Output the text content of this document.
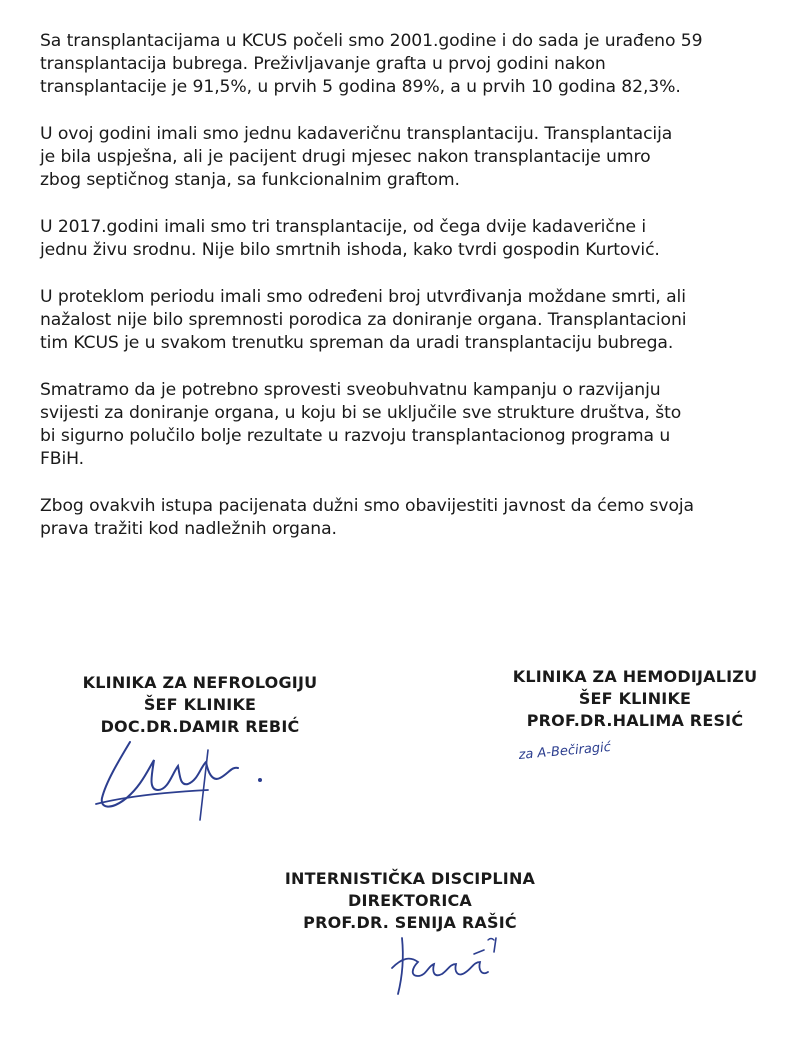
Sa transplantacijama u KCUS počeli smo 2001.godine i do sada je urađeno 59
transplantacija bubrega. Preživljavanje grafta u prvoj godini nakon
transplantacije je 91,5%, u prvih 5 godina 89%, a u prvih 10 godina 82,3%.

U ovoj godini imali smo jednu kadaveričnu transplantaciju. Transplantacija
je bila uspješna, ali je pacijent drugi mjesec nakon transplantacije umro
zbog septičnog stanja, sa funkcionalnim graftom.

U 2017.godini imali smo tri transplantacije, od čega dvije kadaverične i
jednu živu srodnu. Nije bilo smrtnih ishoda, kako tvrdi gospodin Kurtović.

U proteklom periodu imali smo određeni broj utvrđivanja moždane smrti, ali
nažalost nije bilo spremnosti porodica za doniranje organa. Transplantacioni
tim KCUS je u svakom trenutku spreman da uradi transplantaciju bubrega.

Smatramo da je potrebno sprovesti sveobuhvatnu kampanju o razvijanju
svijesti za doniranje organa, u koju bi se uključile sve strukture društva, što
bi sigurno polučilo bolje rezultate u razvoju transplantacionog programa u
FBiH.

Zbog ovakvih istupa pacijenata dužni smo obavijestiti javnost da ćemo svoja
prava tražiti kod nadležnih organa.

KLINIKA ZA NEFROLOGIJU
ŠEF KLINIKE
DOC.DR.DAMIR REBIĆ
KLINIKA ZA HEMODIJALIZU
ŠEF KLINIKE
PROF.DR.HALIMA RESIĆ
za A-Bečiragić
INTERNISTIČKA DISCIPLINA
DIREKTORICA
PROF.DR. SENIJA RAŠIĆ
